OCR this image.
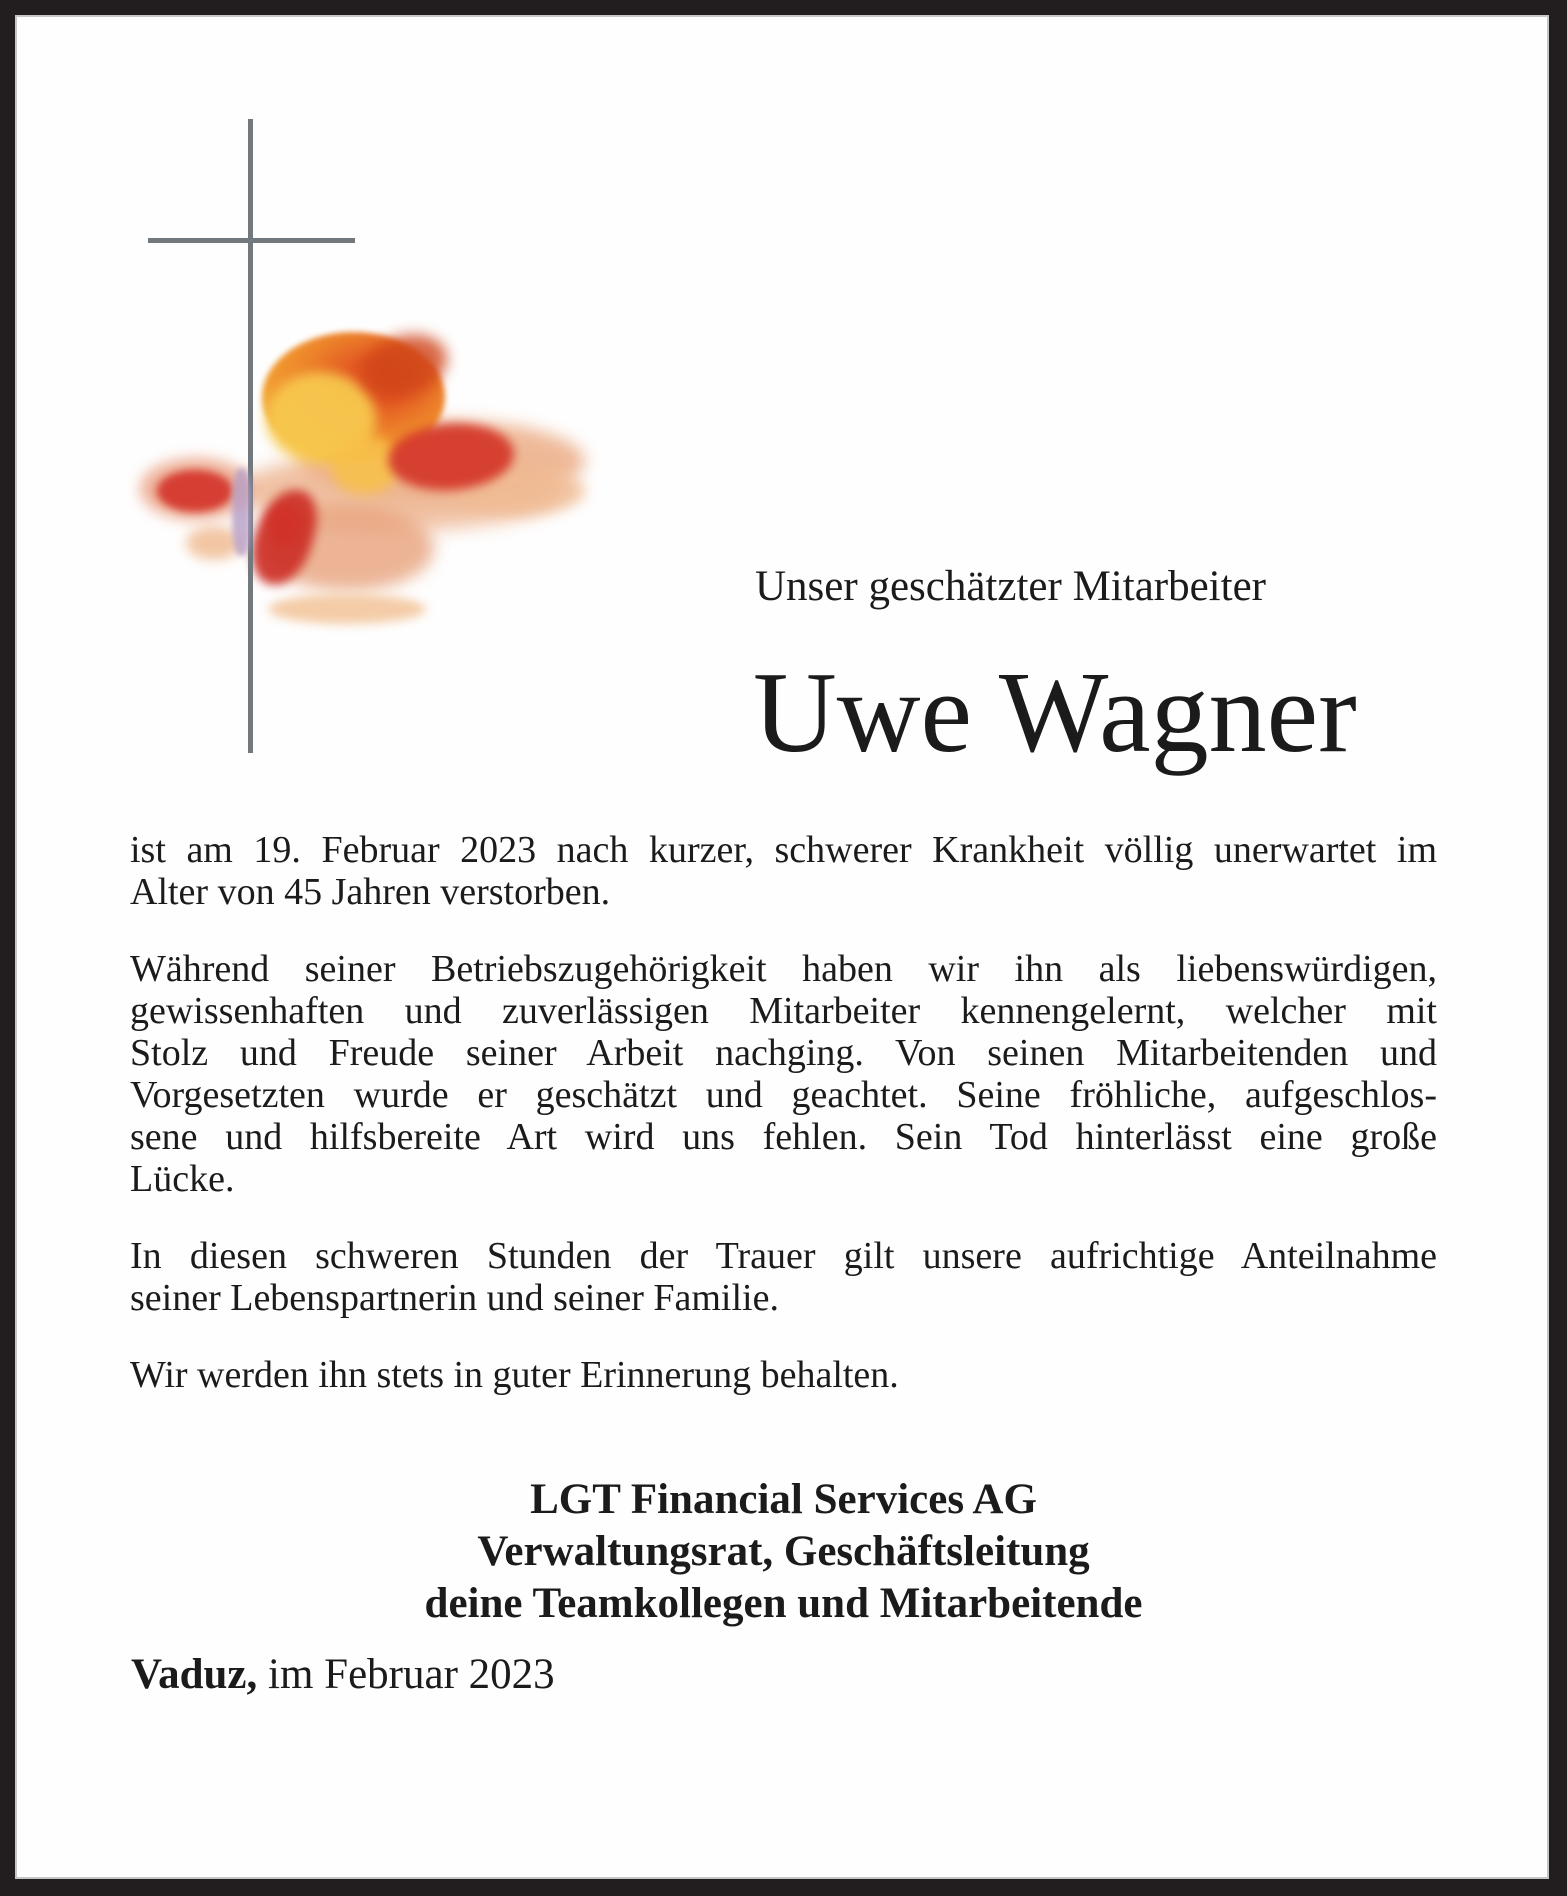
Unser geschätzter Mitarbeiter
Uwe Wagner
ist am 19. Februar 2023 nach kurzer, schwerer Krankheit völlig unerwartet im
Alter von 45 Jahren verstorben.
Während seiner Betriebszugehörigkeit haben wir ihn als liebenswürdigen,
gewissenhaften und zuverlässigen Mitarbeiter kennengelernt, welcher mit
Stolz und Freude seiner Arbeit nachging. Von seinen Mitarbeitenden und
Vorgesetzten wurde er geschätzt und geachtet. Seine fröhliche, aufgeschlos-
sene und hilfsbereite Art wird uns fehlen. Sein Tod hinterlässt eine große
Lücke.
In diesen schweren Stunden der Trauer gilt unsere aufrichtige Anteilnahme
seiner Lebenspartnerin und seiner Familie.
Wir werden ihn stets in guter Erinnerung behalten.
LGT Financial Services AG
Verwaltungsrat, Geschäftsleitung
deine Teamkollegen und Mitarbeitende
Vaduz, im Februar 2023
